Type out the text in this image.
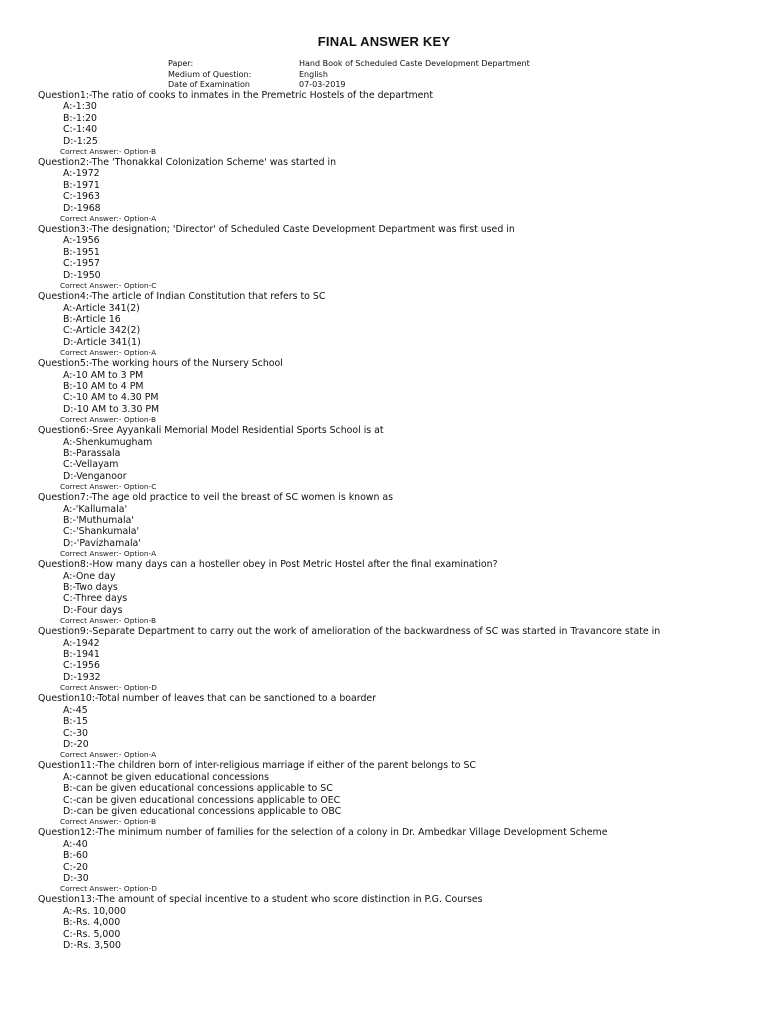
FINAL ANSWER KEY
Paper:	Hand Book of Scheduled Caste Development Department
Medium of Question:	English
Date of Examination	07-03-2019
Question1:-The ratio of cooks to inmates in the Premetric Hostels of the department
A:-1:30
B:-1:20
C:-1:40
D:-1:25
Correct Answer:- Option-B
Question2:-The 'Thonakkal Colonization Scheme' was started in
A:-1972
B:-1971
C:-1963
D:-1968
Correct Answer:- Option-A
Question3:-The designation; 'Director' of Scheduled Caste Development Department was first used in
A:-1956
B:-1951
C:-1957
D:-1950
Correct Answer:- Option-C
Question4:-The article of Indian Constitution that refers to SC
A:-Article 341(2)
B:-Article 16
C:-Article 342(2)
D:-Article 341(1)
Correct Answer:- Option-A
Question5:-The working hours of the Nursery School
A:-10 AM to 3 PM
B:-10 AM to 4 PM
C:-10 AM to 4.30 PM
D:-10 AM to 3.30 PM
Correct Answer:- Option-B
Question6:-Sree Ayyankali Memorial Model Residential Sports School is at
A:-Shenkumugham
B:-Parassala
C:-Vellayam
D:-Venganoor
Correct Answer:- Option-C
Question7:-The age old practice to veil the breast of SC women is known as
A:-'Kallumala'
B:-'Muthumala'
C:-'Shankumala'
D:-'Pavizhamala'
Correct Answer:- Option-A
Question8:-How many days can a hosteller obey in Post Metric Hostel after the final examination?
A:-One day
B:-Two days
C:-Three days
D:-Four days
Correct Answer:- Option-B
Question9:-Separate Department to carry out the work of amelioration of the backwardness of SC was started in Travancore state in
A:-1942
B:-1941
C:-1956
D:-1932
Correct Answer:- Option-D
Question10:-Total number of leaves that can be sanctioned to a boarder
A:-45
B:-15
C:-30
D:-20
Correct Answer:- Option-A
Question11:-The children born of inter-religious marriage if either of the parent belongs to SC
A:-cannot be given educational concessions
B:-can be given educational concessions applicable to SC
C:-can be given educational concessions applicable to OEC
D:-can be given educational concessions applicable to OBC
Correct Answer:- Option-B
Question12:-The minimum number of families for the selection of a colony in Dr. Ambedkar Village Development Scheme
A:-40
B:-60
C:-20
D:-30
Correct Answer:- Option-D
Question13:-The amount of special incentive to a student who score distinction in P.G. Courses
A:-Rs. 10,000
B:-Rs. 4,000
C:-Rs. 5,000
D:-Rs. 3,500
